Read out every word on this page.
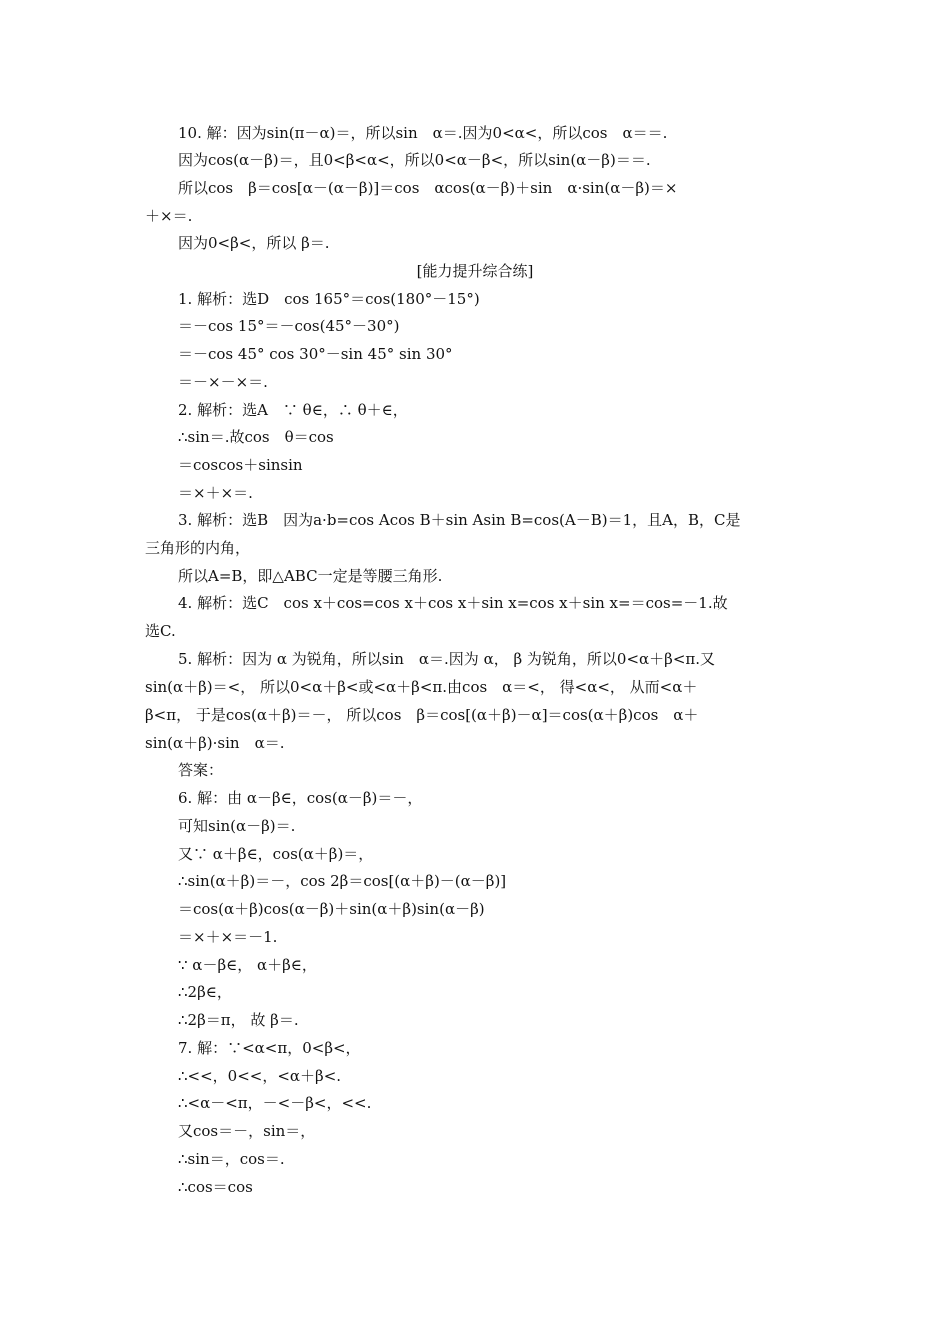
10. 解：因为sin(π－α)＝，所以sin　α＝.因为0<α<，所以cos　α＝＝.
因为cos(α－β)＝，且0<β<α<，所以0<α－β<，所以sin(α－β)＝＝.
所以cos　β＝cos[α－(α－β)]＝cos　αcos(α－β)＋sin　α·sin(α－β)＝×
＋×＝.
因为0<β<，所以 β＝.
[能力提升综合练]
1. 解析：选D　cos 165°＝cos(180°－15°)
＝－cos 15°＝－cos(45°－30°)
＝－cos 45° cos 30°－sin 45° sin 30°
＝－×－×＝.
2. 解析：选A　∵ θ∈，∴ θ＋∈，
∴sin＝.故cos　θ＝cos
＝coscos＋sinsin
＝×＋×＝.
3. 解析：选B　因为a·b=cos Acos B＋sin Asin B=cos(A－B)＝1，且A，B，C是
三角形的内角，
所以A=B，即△ABC一定是等腰三角形.
4. 解析：选C　cos x＋cos=cos x＋cos x＋sin x=cos x＋sin x=＝cos=－1.故
选C.
5. 解析：因为 α 为锐角，所以sin　α＝.因为 α， β 为锐角，所以0<α＋β<π.又
sin(α＋β)＝<， 所以0<α＋β<或<α＋β<π.由cos　α＝<， 得<α<， 从而<α＋
β<π， 于是cos(α＋β)＝－， 所以cos　β＝cos[(α＋β)－α]＝cos(α＋β)cos　α＋
sin(α＋β)·sin　α＝.
答案：
6. 解：由 α－β∈，cos(α－β)＝－，
可知sin(α－β)＝.
又∵ α＋β∈，cos(α＋β)＝，
∴sin(α＋β)＝－，cos 2β＝cos[(α＋β)－(α－β)]
＝cos(α＋β)cos(α－β)＋sin(α＋β)sin(α－β)
＝×＋×＝－1.
∵ α－β∈， α＋β∈，
∴2β∈，
∴2β＝π， 故 β＝.
7. 解：∵<α<π，0<β<，
∴<<，0<<，<α＋β<.
∴<α－<π，－<－β<，<<.
又cos＝－，sin＝，
∴sin＝，cos＝.
∴cos＝cos
